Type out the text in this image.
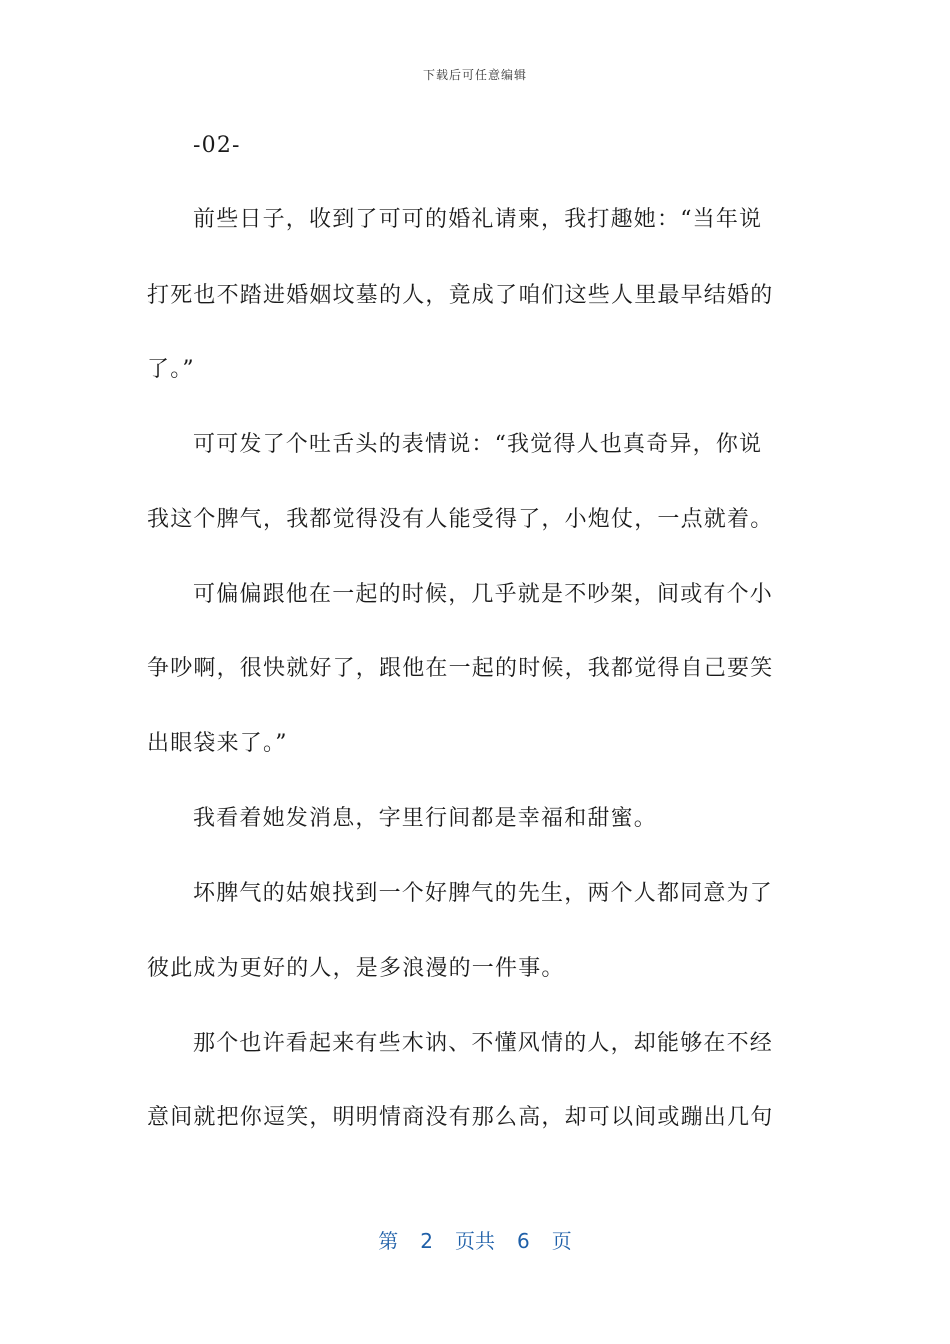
下载后可任意编辑
-02-
前些日子，收到了可可的婚礼请柬，我打趣她：“当年说
打死也不踏进婚姻坟墓的人，竟成了咱们这些人里最早结婚的
了。”
可可发了个吐舌头的表情说：“我觉得人也真奇异，你说
我这个脾气，我都觉得没有人能受得了，小炮仗，一点就着。
可偏偏跟他在一起的时候，几乎就是不吵架，间或有个小
争吵啊，很快就好了，跟他在一起的时候，我都觉得自己要笑
出眼袋来了。”
我看着她发消息，字里行间都是幸福和甜蜜。
坏脾气的姑娘找到一个好脾气的先生，两个人都同意为了
彼此成为更好的人，是多浪漫的一件事。
那个也许看起来有些木讷、不懂风情的人，却能够在不经
意间就把你逗笑，明明情商没有那么高，却可以间或蹦出几句
第 2 页共 6 页
